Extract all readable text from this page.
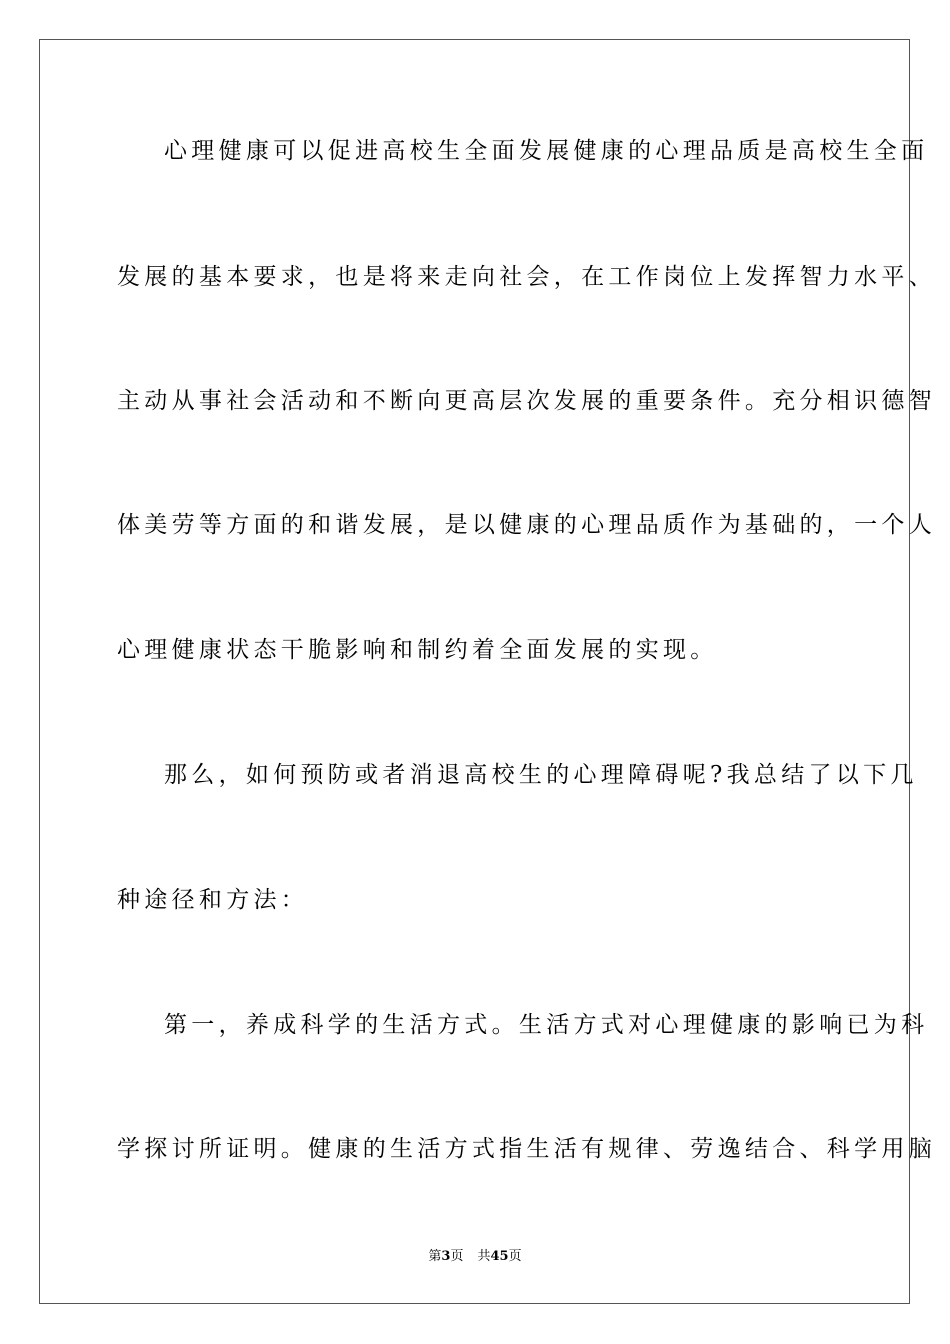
心理健康可以促进高校生全面发展健康的心理品质是高校生全面
发展的基本要求，也是将来走向社会，在工作岗位上发挥智力水平、
主动从事社会活动和不断向更高层次发展的重要条件。充分相识德智
体美劳等方面的和谐发展，是以健康的心理品质作为基础的，一个人
心理健康状态干脆影响和制约着全面发展的实现。
那么，如何预防或者消退高校生的心理障碍呢?我总结了以下几
种途径和方法：
第一，养成科学的生活方式。生活方式对心理健康的影响已为科
学探讨所证明。健康的生活方式指生活有规律、劳逸结合、科学用脑
第3页 共45页
